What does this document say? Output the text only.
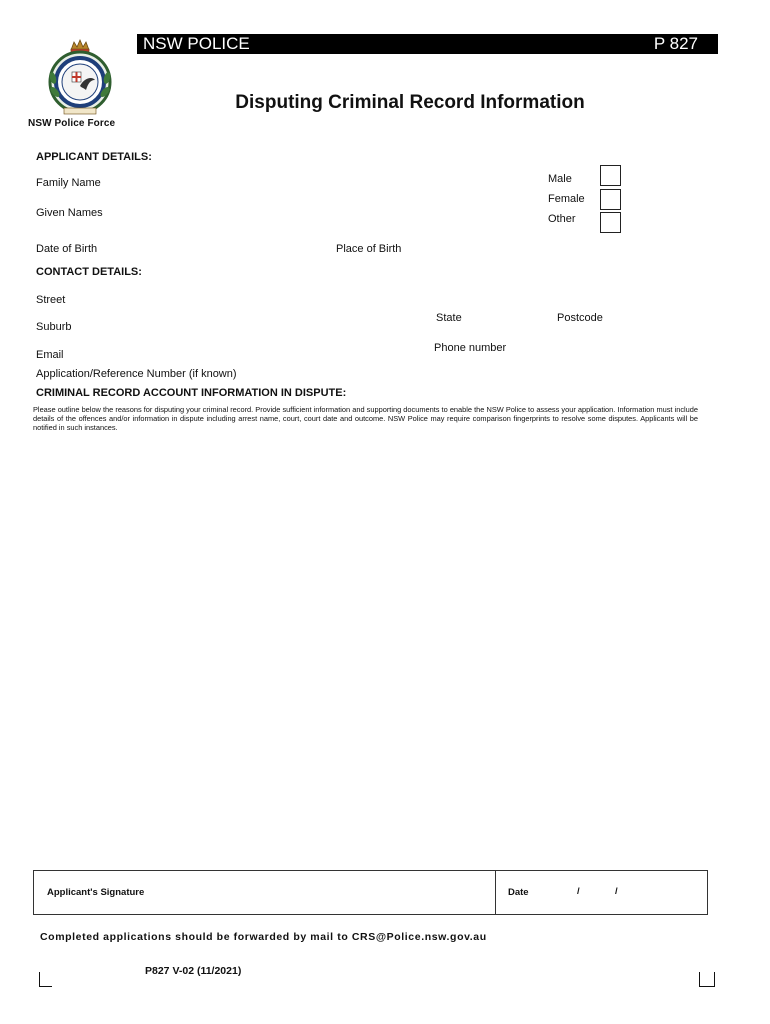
NSW POLICE	P 827
NSW Police Force
Disputing Criminal Record Information
APPLICANT DETAILS:
Family Name
Given Names
Date of Birth	Place of Birth
Male
Female
Other
CONTACT DETAILS:
Street
Suburb
State	Postcode
Email
Phone number
Application/Reference Number (if known)
CRIMINAL RECORD ACCOUNT INFORMATION IN DISPUTE:
Please outline below the reasons for disputing your criminal record. Provide sufficient information and supporting documents to enable the NSW Police to assess your application. Information must include details of the offences and/or information in dispute including arrest name, court, court date and outcome. NSW Police may require comparison fingerprints to resolve some disputes. Applicants will be notified in such instances.
Applicant's Signature	Date	/	/
Completed applications should be forwarded by mail to CRS@Police.nsw.gov.au
P827 V-02 (11/2021)
